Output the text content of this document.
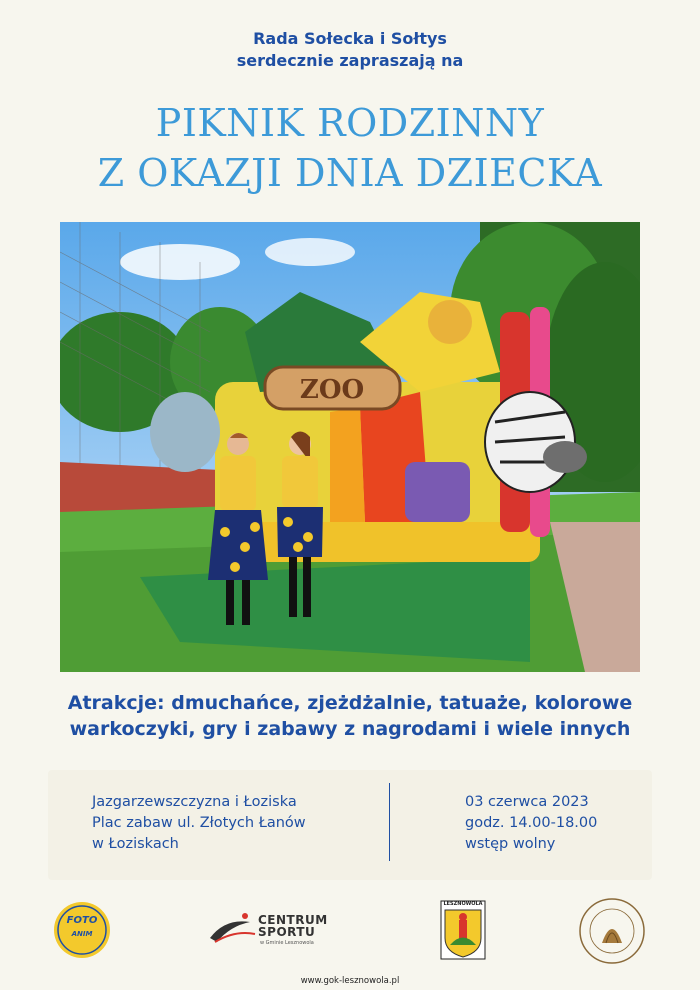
Rada Sołecka i Sołtys
serdecznie zapraszają na
PIKNIK RODZINNY
Z OKAZJI DNIA DZIECKA
ZOO
Atrakcje: dmuchańce, zjeżdżalnie, tatuaże, kolorowe
warkoczyki, gry i zabawy z nagrodami i wiele innych
Jazgarzewszczyzna i Łoziska
Plac zabaw ul. Złotych Łanów
w Łoziskach
03 czerwca 2023
godz. 14.00-18.00
wstęp wolny
FOTO
ANIM
CENTRUM
SPORTU
w Gminie Lesznowola
LESZNOWOLA
www.gok-lesznowola.pl
